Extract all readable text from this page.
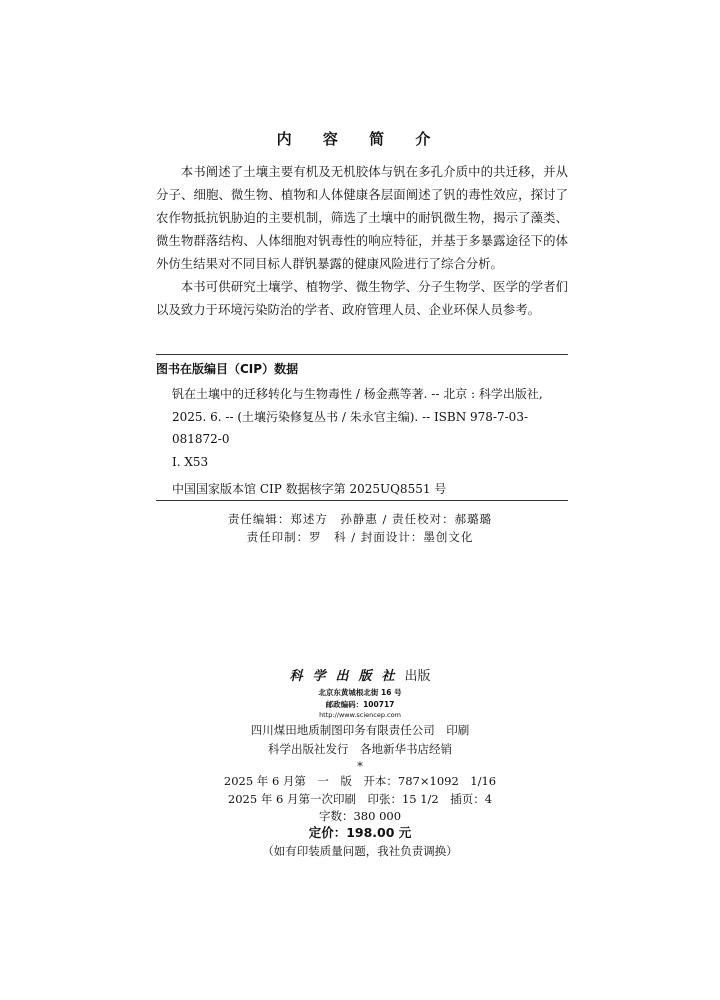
内 容 简 介

本书阐述了土壤主要有机及无机胶体与钒在多孔介质中的共迁移，并从分子、细胞、微生物、植物和人体健康各层面阐述了钒的毒性效应，探讨了农作物抵抗钒胁迫的主要机制，筛选了土壤中的耐钒微生物，揭示了藻类、微生物群落结构、人体细胞对钒毒性的响应特征，并基于多暴露途径下的体外仿生结果对不同目标人群钒暴露的健康风险进行了综合分析。

本书可供研究土壤学、植物学、微生物学、分子生物学、医学的学者们以及致力于环境污染防治的学者、政府管理人员、企业环保人员参考。

图书在版编目（CIP）数据
钒在土壤中的迁移转化与生物毒性 / 杨金燕等著. -- 北京 : 科学出版社, 2025. 6. -- (土壤污染修复丛书 / 朱永官主编). -- ISBN 978-7-03-081872-0
Ⅰ. X53
中国国家版本馆 CIP 数据核字第 2025UQ8551 号
责任编辑：郑述方　孙静惠 / 责任校对：郝璐璐
责任印制：罗　科 / 封面设计：墨创文化
科学出版社出版
北京东黄城根北街 16 号
邮政编码：100717
http://www.sciencep.com
四川煤田地质制图印务有限责任公司　印刷
科学出版社发行　各地新华书店经销
*
2025 年 6 月第　一　版　开本：787×1092　1/16
2025 年 6 月第一次印刷　印张：15 1/2　插页：4
字数：380 000
定价：198.00 元
（如有印装质量问题，我社负责调换）
